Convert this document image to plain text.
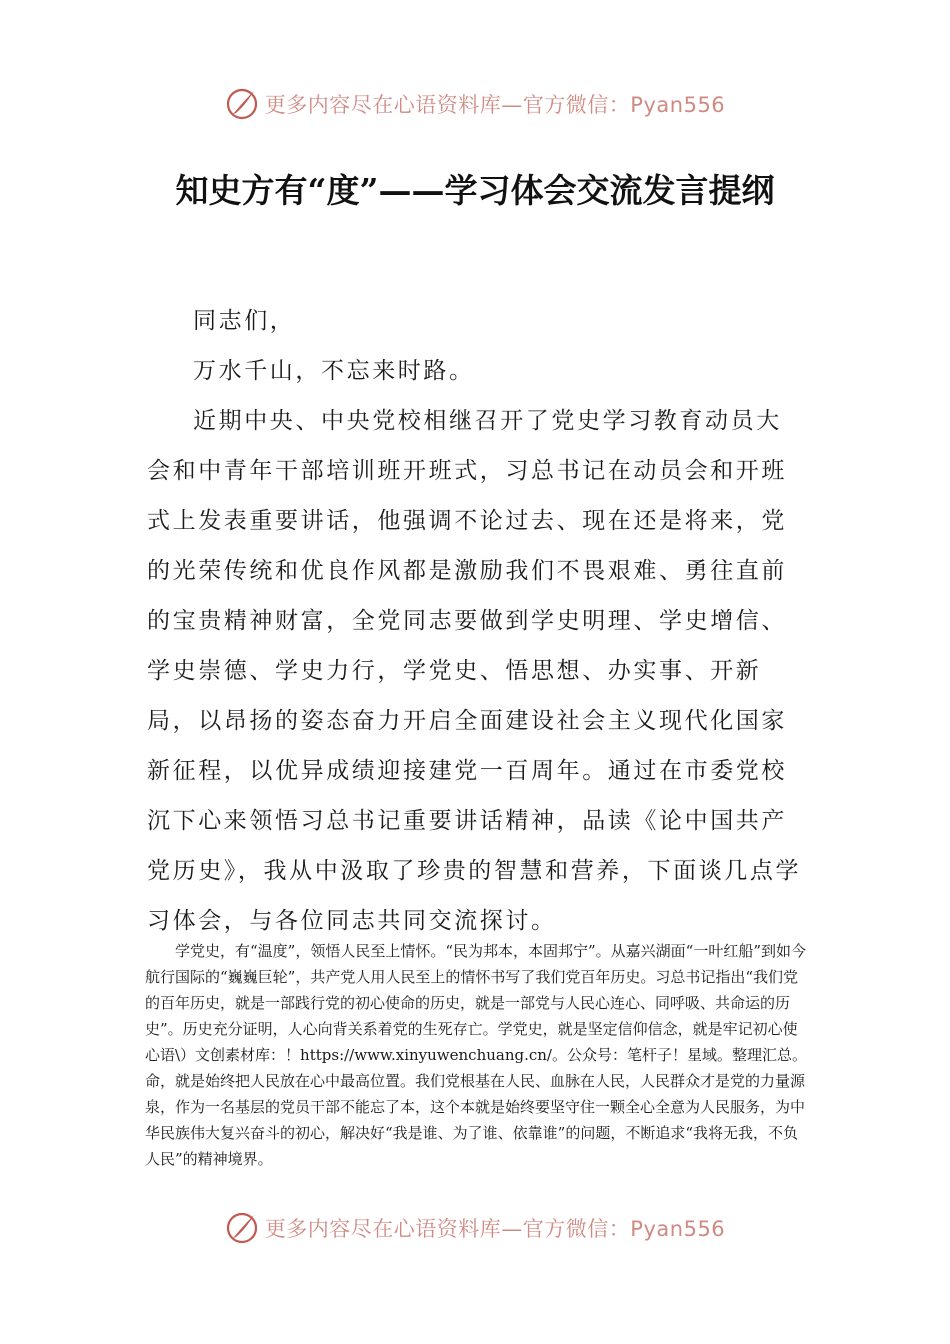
更多内容尽在心语资料库—官方微信：Pyan556
知史方有“度”——学习体会交流发言提纲

同志们，

万水千山，不忘来时路。

近期中央、中央党校相继召开了党史学习教育动员大会和中青年干部培训班开班式，习总书记在动员会和开班式上发表重要讲话，他强调不论过去、现在还是将来，党的光荣传统和优良作风都是激励我们不畏艰难、勇往直前的宝贵精神财富，全党同志要做到学史明理、学史增信、学史崇德、学史力行，学党史、悟思想、办实事、开新局，以昂扬的姿态奋力开启全面建设社会主义现代化国家新征程，以优异成绩迎接建党一百周年。通过在市委党校沉下心来领悟习总书记重要讲话精神，品读《论中国共产党历史》，我从中汲取了珍贵的智慧和营养，下面谈几点学习体会，与各位同志共同交流探讨。

学党史，有“温度”，领悟人民至上情怀。“民为邦本，本固邦宁”。从嘉兴湖面“一叶红船”到如今航行国际的“巍巍巨轮”，共产党人用人民至上的情怀书写了我们党百年历史。习总书记指出“我们党的百年历史，就是一部践行党的初心使命的历史，就是一部党与人民心连心、同呼吸、共命运的历史”。历史充分证明，人心向背关系着党的生死存亡。学党史，就是坚定信仰信念，就是牢记初心使心语\）文创素材库：！https://www.xinyuwenchuang.cn/。公众号：笔杆子！星域。整理汇总。命，就是始终把人民放在心中最高位置。我们党根基在人民、血脉在人民，人民群众才是党的力量源泉，作为一名基层的党员干部不能忘了本，这个本就是始终要坚守住一颗全心全意为人民服务，为中华民族伟大复兴奋斗的初心，解决好“我是谁、为了谁、依靠谁”的问题，不断追求“我将无我，不负人民”的精神境界。

更多内容尽在心语资料库—官方微信：Pyan556
